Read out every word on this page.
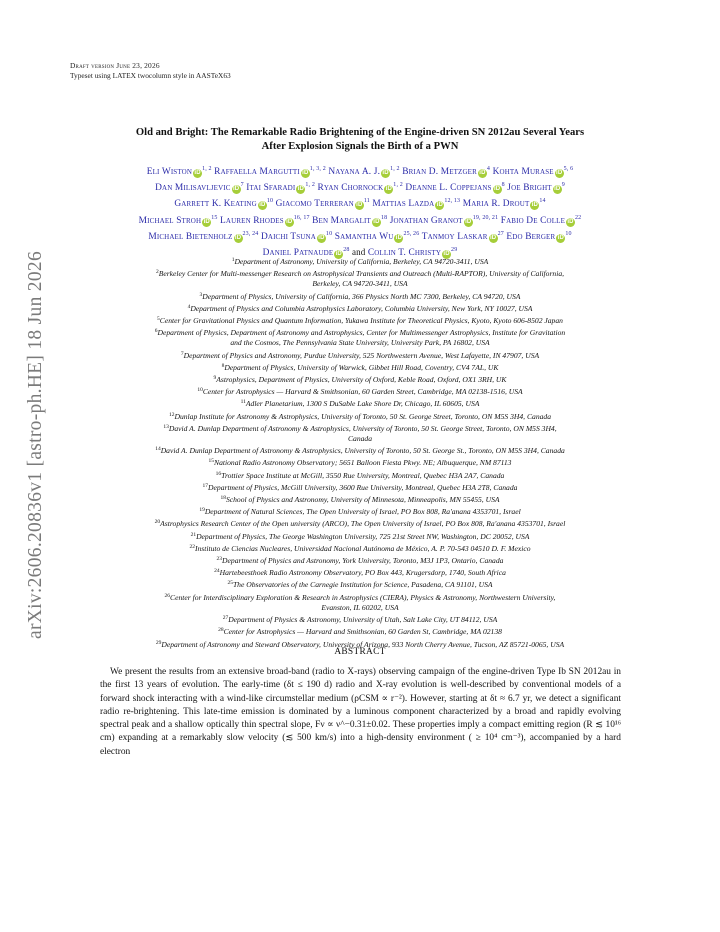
arXiv:2606.20836v1 [astro-ph.HE] 18 Jun 2026
Draft version June 23, 2026
Typeset using LATEX twocolumn style in AASTeX63
Old and Bright: The Remarkable Radio Brightening of the Engine-driven SN 2012au Several Years
After Explosion Signals the Birth of a PWN
Eli Wiston iD$^{1, 2}$ Raffaella Margutti iD$^{1, 3, 2}$ Nayana A. J. iD$^{1, 2}$ Brian D. Metzger $iD^4$ Kohta Murase iD$^{5, 6}$
Dan Milisavljevic $iD^7$ Itai Sfaradi iD$^{1, 2}$ Ryan Chornock iD$^{1, 2}$ Deanne L. Coppejans $iD^8$ Joe Bright $iD^9$
Garrett K. Keating $iD^{10}$ Giacomo Terreran $iD^{11}$ Mattias Lazda iD$^{12, 13}$ Maria R. Drout $iD^{14}$
Michael Stroh $iD^{15}$ Lauren Rhodes iD$^{16, 17}$ Ben Margalit $iD^{18}$ Jonathan Granot iD$^{19, 20, 21}$ Fabio De Colle $iD^{22}$
Michael Bietenholz iD$^{23, 24}$ Daichi Tsuna $iD^{10}$ Samantha Wu iD$^{25, 26}$ Tanmoy Laskar $iD^{27}$ Edo Berger $iD^{10}$
Daniel Patnaude $iD^{28}$ and Collin T. Christy $iD^{29}$
$^1$Department of Astronomy, University of California, Berkeley, CA 94720-3411, USA
$^2$Berkeley Center for Multi-messenger Research on Astrophysical Transients and Outreach (Multi-RAPTOR), University of California,
Berkeley, CA 94720-3411, USA
$^3$Department of Physics, University of California, 366 Physics North MC 7300, Berkeley, CA 94720, USA
$^4$Department of Physics and Columbia Astrophysics Laboratory, Columbia University, New York, NY 10027, USA
$^5$Center for Gravitational Physics and Quantum Information, Yukawa Institute for Theoretical Physics, Kyoto, Kyoto 606-8502 Japan
$^6$Department of Physics, Department of Astronomy and Astrophysics, Center for Multimessenger Astrophysics, Institute for Gravitation
and the Cosmos, The Pennsylvania State University, University Park, PA 16802, USA
$^7$Department of Physics and Astronomy, Purdue University, 525 Northwestern Avenue, West Lafayette, IN 47907, USA
$^8$Department of Physics, University of Warwick, Gibbet Hill Road, Coventry, CV4 7AL, UK
$^9$Astrophysics, Department of Physics, University of Oxford, Keble Road, Oxford, OX1 3RH, UK
$^{10}$Center for Astrophysics — Harvard & Smithsonian, 60 Garden Street, Cambridge, MA 02138-1516, USA
$^{11}$Adler Planetarium, 1300 S DuSable Lake Shore Dr, Chicago, IL 60605, USA
$^{12}$Dunlap Institute for Astronomy & Astrophysics, University of Toronto, 50 St. George Street, Toronto, ON M5S 3H4, Canada
$^{13}$David A. Dunlap Department of Astronomy & Astrophysics, University of Toronto, 50 St. George Street, Toronto, ON M5S 3H4,
Canada
$^{14}$David A. Dunlap Department of Astronomy & Astrophysics, University of Toronto, 50 St. George St., Toronto, ON M5S 3H4, Canada
$^{15}$National Radio Astronomy Observatory; 5651 Balloon Fiesta Pkwy. NE; Albuquerque, NM 87113
$^{16}$Trottier Space Institute at McGill, 3550 Rue University, Montreal, Quebec H3A 2A7, Canada
$^{17}$Department of Physics, McGill University, 3600 Rue University, Montreal, Quebec H3A 2T8, Canada
$^{18}$School of Physics and Astronomy, University of Minnesota, Minneapolis, MN 55455, USA
$^{19}$Department of Natural Sciences, The Open University of Israel, PO Box 808, Ra'anana 4353701, Israel
$^{20}$Astrophysics Research Center of the Open university (ARCO), The Open University of Israel, PO Box 808, Ra'anana 4353701, Israel
$^{21}$Department of Physics, The George Washington University, 725 21st Street NW, Washington, DC 20052, USA
$^{22}$Instituto de Ciencias Nucleares, Universidad Nacional Autónoma de México, A. P. 70-543 04510 D. F. Mexico
$^{23}$Department of Physics and Astronomy, York University, Toronto, M3J 1P3, Ontario, Canada
$^{24}$Hartebeesthoek Radio Astronomy Observatory, PO Box 443, Krugersdorp, 1740, South Africa
$^{25}$The Observatories of the Carnegie Institution for Science, Pasadena, CA 91101, USA
$^{26}$Center for Interdisciplinary Exploration & Research in Astrophysics (CIERA), Physics & Astronomy, Northwestern University,
Evanston, IL 60202, USA
$^{27}$Department of Physics & Astronomy, University of Utah, Salt Lake City, UT 84112, USA
$^{28}$Center for Astrophysics — Harvard and Smithsonian, 60 Garden St, Cambridge, MA 02138
$^{29}$Department of Astronomy and Steward Observatory, University of Arizona, 933 North Cherry Avenue, Tucson, AZ 85721-0065, USA
ABSTRACT
We present the results from an extensive broad-band (radio to X-rays) observing campaign of the engine-driven Type Ib SN 2012au in the first 13 years of evolution. The early-time (δt ≤ 190 d) radio and X-ray evolution is well-described by conventional models of a forward shock interacting with a wind-like circumstellar medium (ρCSM ∝ r⁻²). However, starting at δt ≈ 6.7 yr, we detect a significant radio re-brightening. This late-time emission is dominated by a luminous component characterized by a broad and rapidly evolving spectral peak and a shallow optically thin spectral slope, Fν ∝ ν^−0.31±0.02. These properties imply a compact emitting region (R ≲ 10¹⁶ cm) expanding at a remarkably slow velocity (≲ 500 km/s) into a high-density environment ( ≥ 10⁴ cm⁻³), accompanied by a hard electron
